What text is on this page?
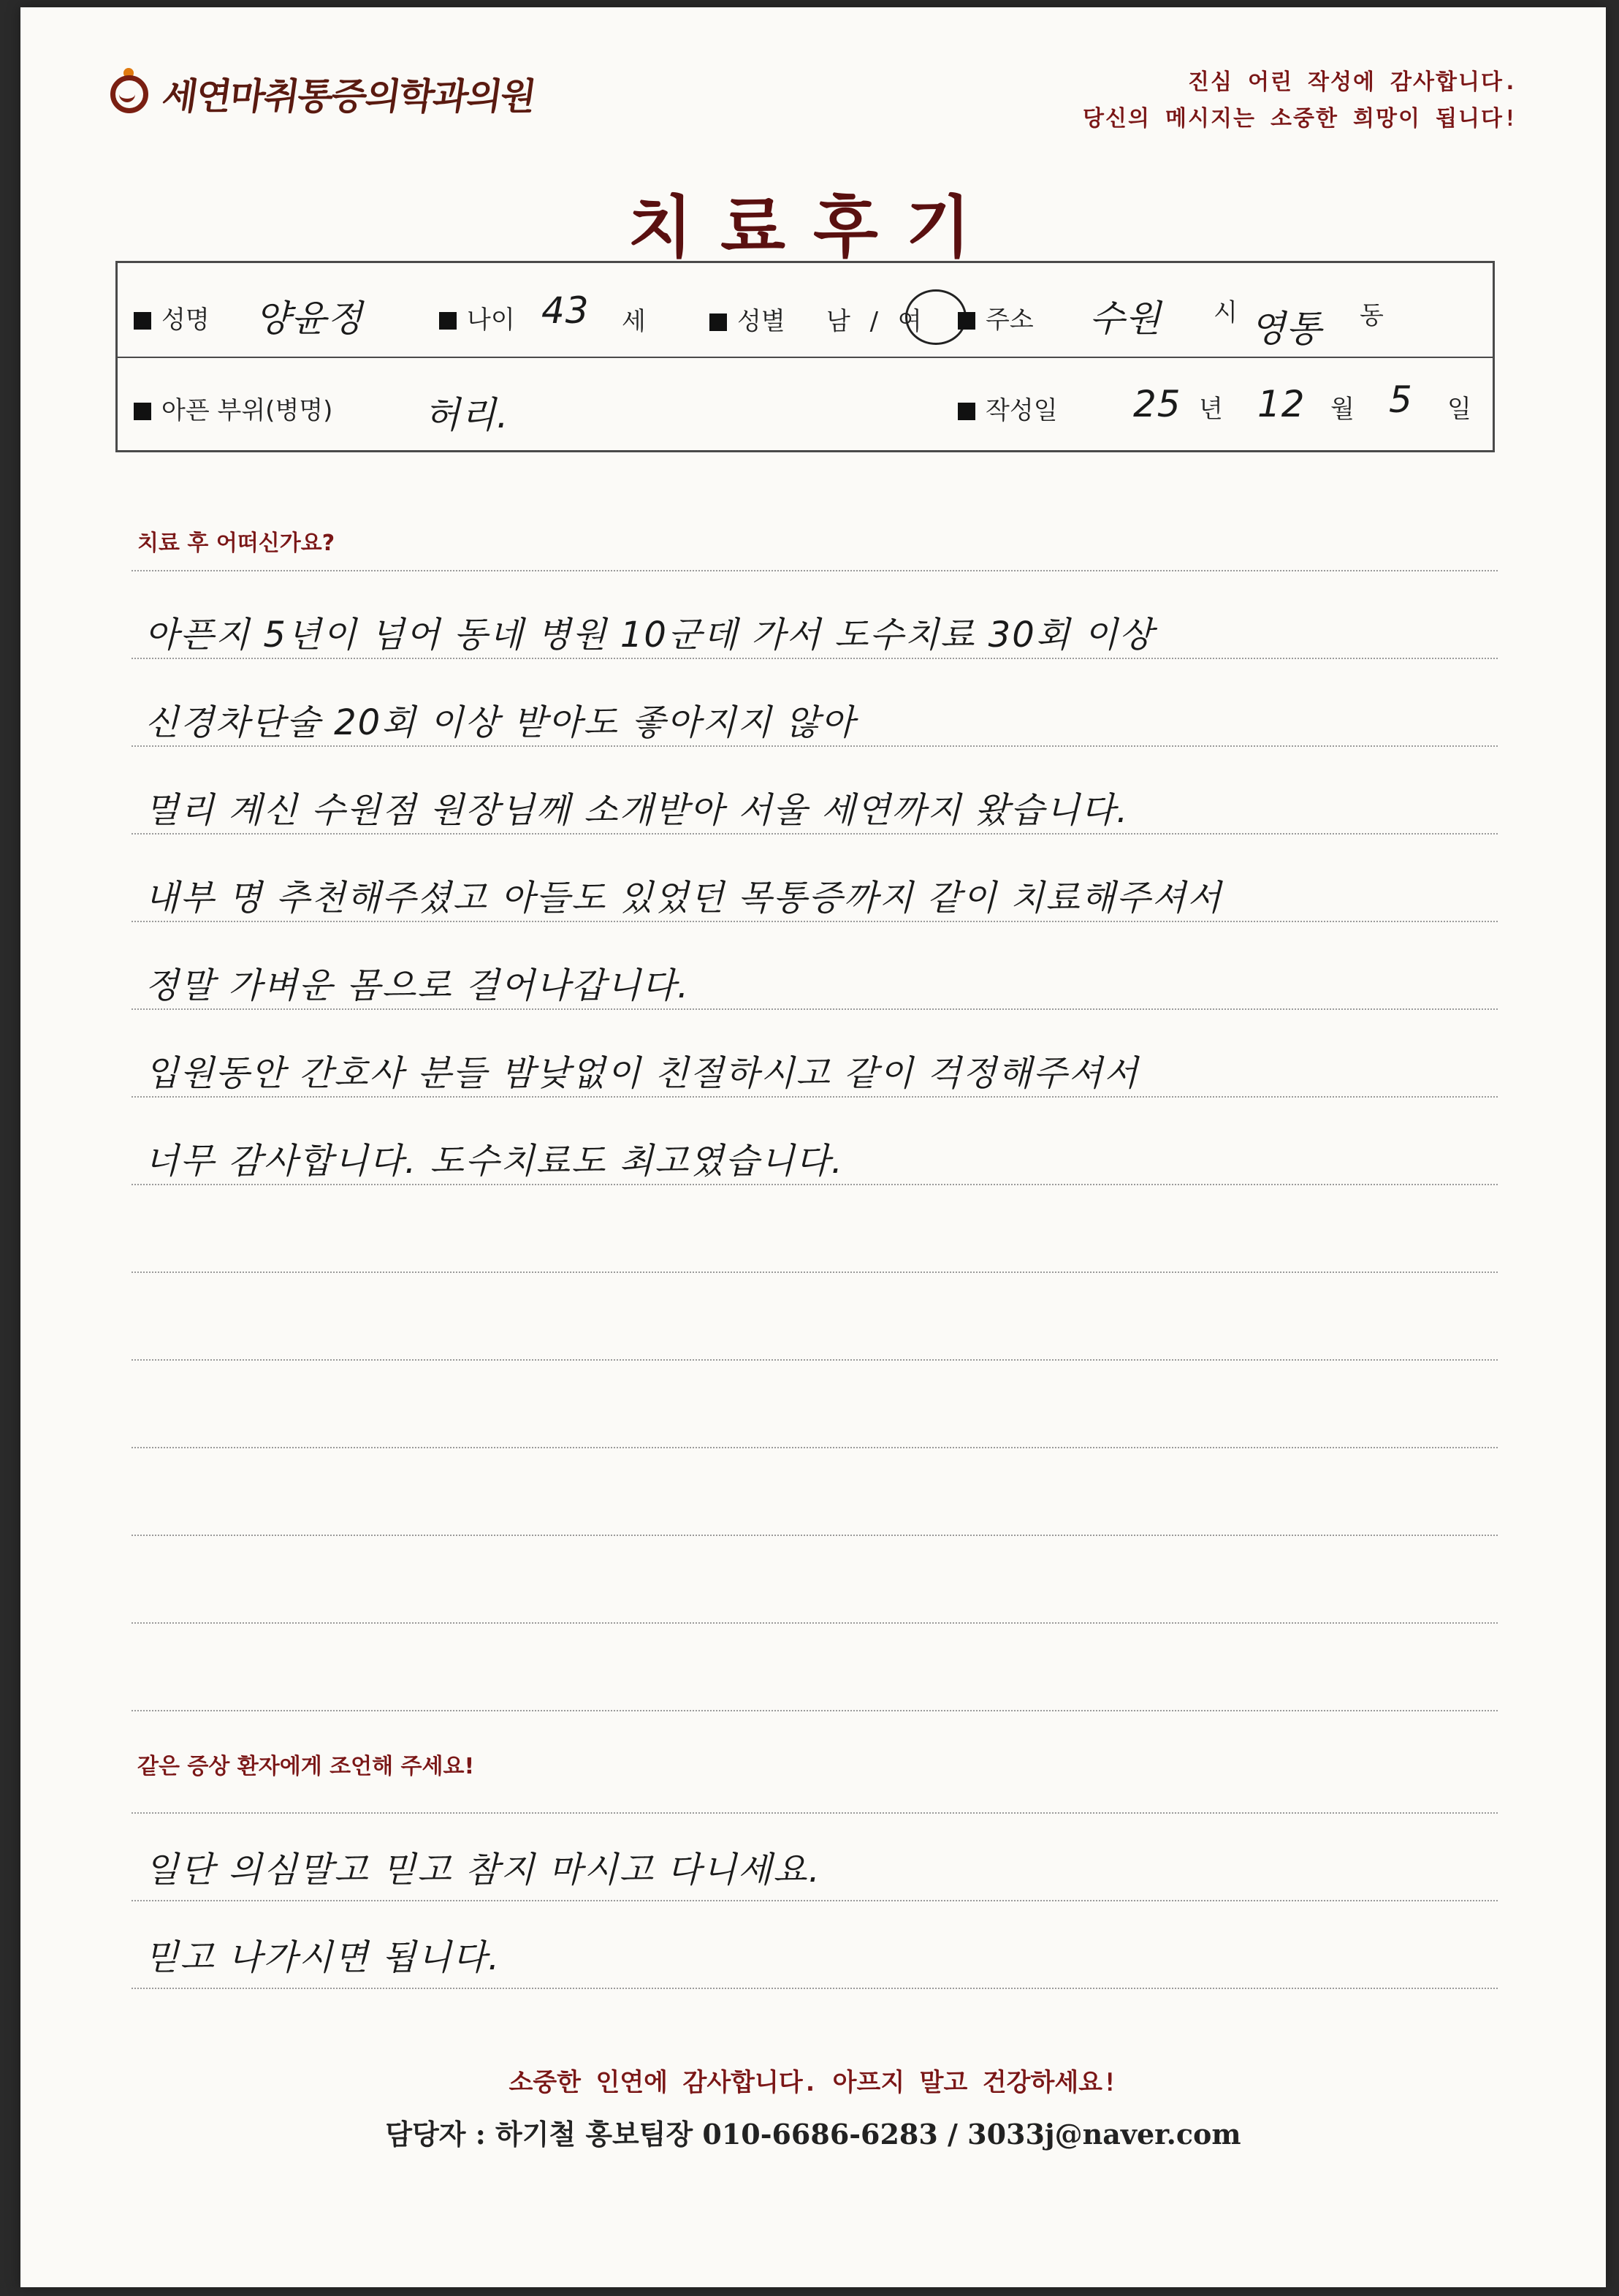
세연마취통증의학과의원	진심 어린 작성에 감사합니다.
당신의 메시지는 소중한 희망이 됩니다!
치료후기
성명 양윤정	나이 43 세	성별 남 / 여	주소 수원 시 영통 동
아픈 부위(병명)	허리.	작성일 25 년 12 월 5 일
치료 후 어떠신가요?
아픈지 5년이 넘어 동네 병원 10군데 가서 도수치료 30회 이상
신경차단술 20회 이상 받아도 좋아지지 않아
멀리 계신 수원점 원장님께 소개받아 서울 세연까지 왔습니다.
내부 명 추천해주셨고 아들도 있었던 목통증까지 같이 치료해주셔서
정말 가벼운 몸으로 걸어나갑니다.
입원동안 간호사 분들 밤낮없이 친절하시고 같이 걱정해주셔서
너무 감사합니다. 도수치료도 최고였습니다.
같은 증상 환자에게 조언해 주세요!
일단 의심말고 믿고 참지 마시고 다니세요.
믿고 나가시면 됩니다.
소중한 인연에 감사합니다. 아프지 말고 건강하세요!
담당자 : 하기철 홍보팀장 010-6686-6283 / 3033j@naver.com
